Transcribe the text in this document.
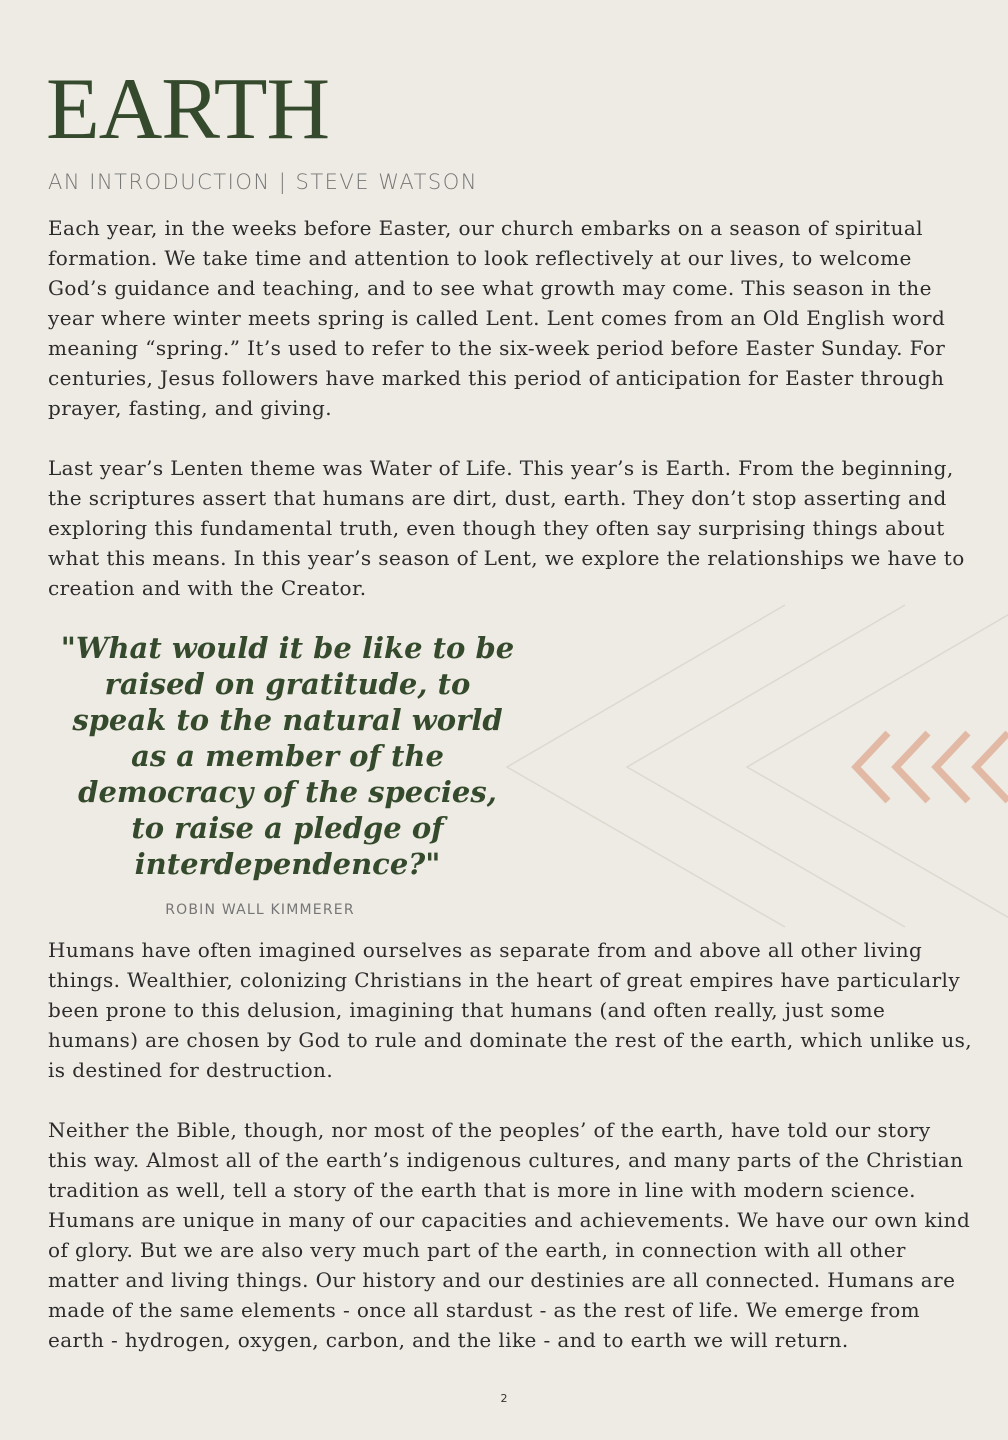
EARTH
AN INTRODUCTION | STEVE WATSON

Each year, in the weeks before Easter, our church embarks on a season of spiritual formation. We take time and attention to look reflectively at our lives, to welcome God’s guidance and teaching, and to see what growth may come. This season in the year where winter meets spring is called Lent. Lent comes from an Old English word meaning “spring.” It’s used to refer to the six-week period before Easter Sunday. For centuries, Jesus followers have marked this period of anticipation for Easter through prayer, fasting, and giving.

Last year’s Lenten theme was Water of Life. This year’s is Earth. From the beginning, the scriptures assert that humans are dirt, dust, earth. They don’t stop asserting and exploring this fundamental truth, even though they often say surprising things about what this means. In this year’s season of Lent, we explore the relationships we have to creation and with the Creator.

"What would it be like to be raised on gratitude, to speak to the natural world as a member of the democracy of the species, to raise a pledge of interdependence?"
ROBIN WALL KIMMERER

Humans have often imagined ourselves as separate from and above all other living things. Wealthier, colonizing Christians in the heart of great empires have particularly been prone to this delusion, imagining that humans (and often really, just some humans) are chosen by God to rule and dominate the rest of the earth, which unlike us, is destined for destruction.

Neither the Bible, though, nor most of the peoples’ of the earth, have told our story this way. Almost all of the earth’s indigenous cultures, and many parts of the Christian tradition as well, tell a story of the earth that is more in line with modern science. Humans are unique in many of our capacities and achievements. We have our own kind of glory. But we are also very much part of the earth, in connection with all other matter and living things. Our history and our destinies are all connected. Humans are made of the same elements - once all stardust - as the rest of life. We emerge from earth - hydrogen, oxygen, carbon, and the like - and to earth we will return.

2
